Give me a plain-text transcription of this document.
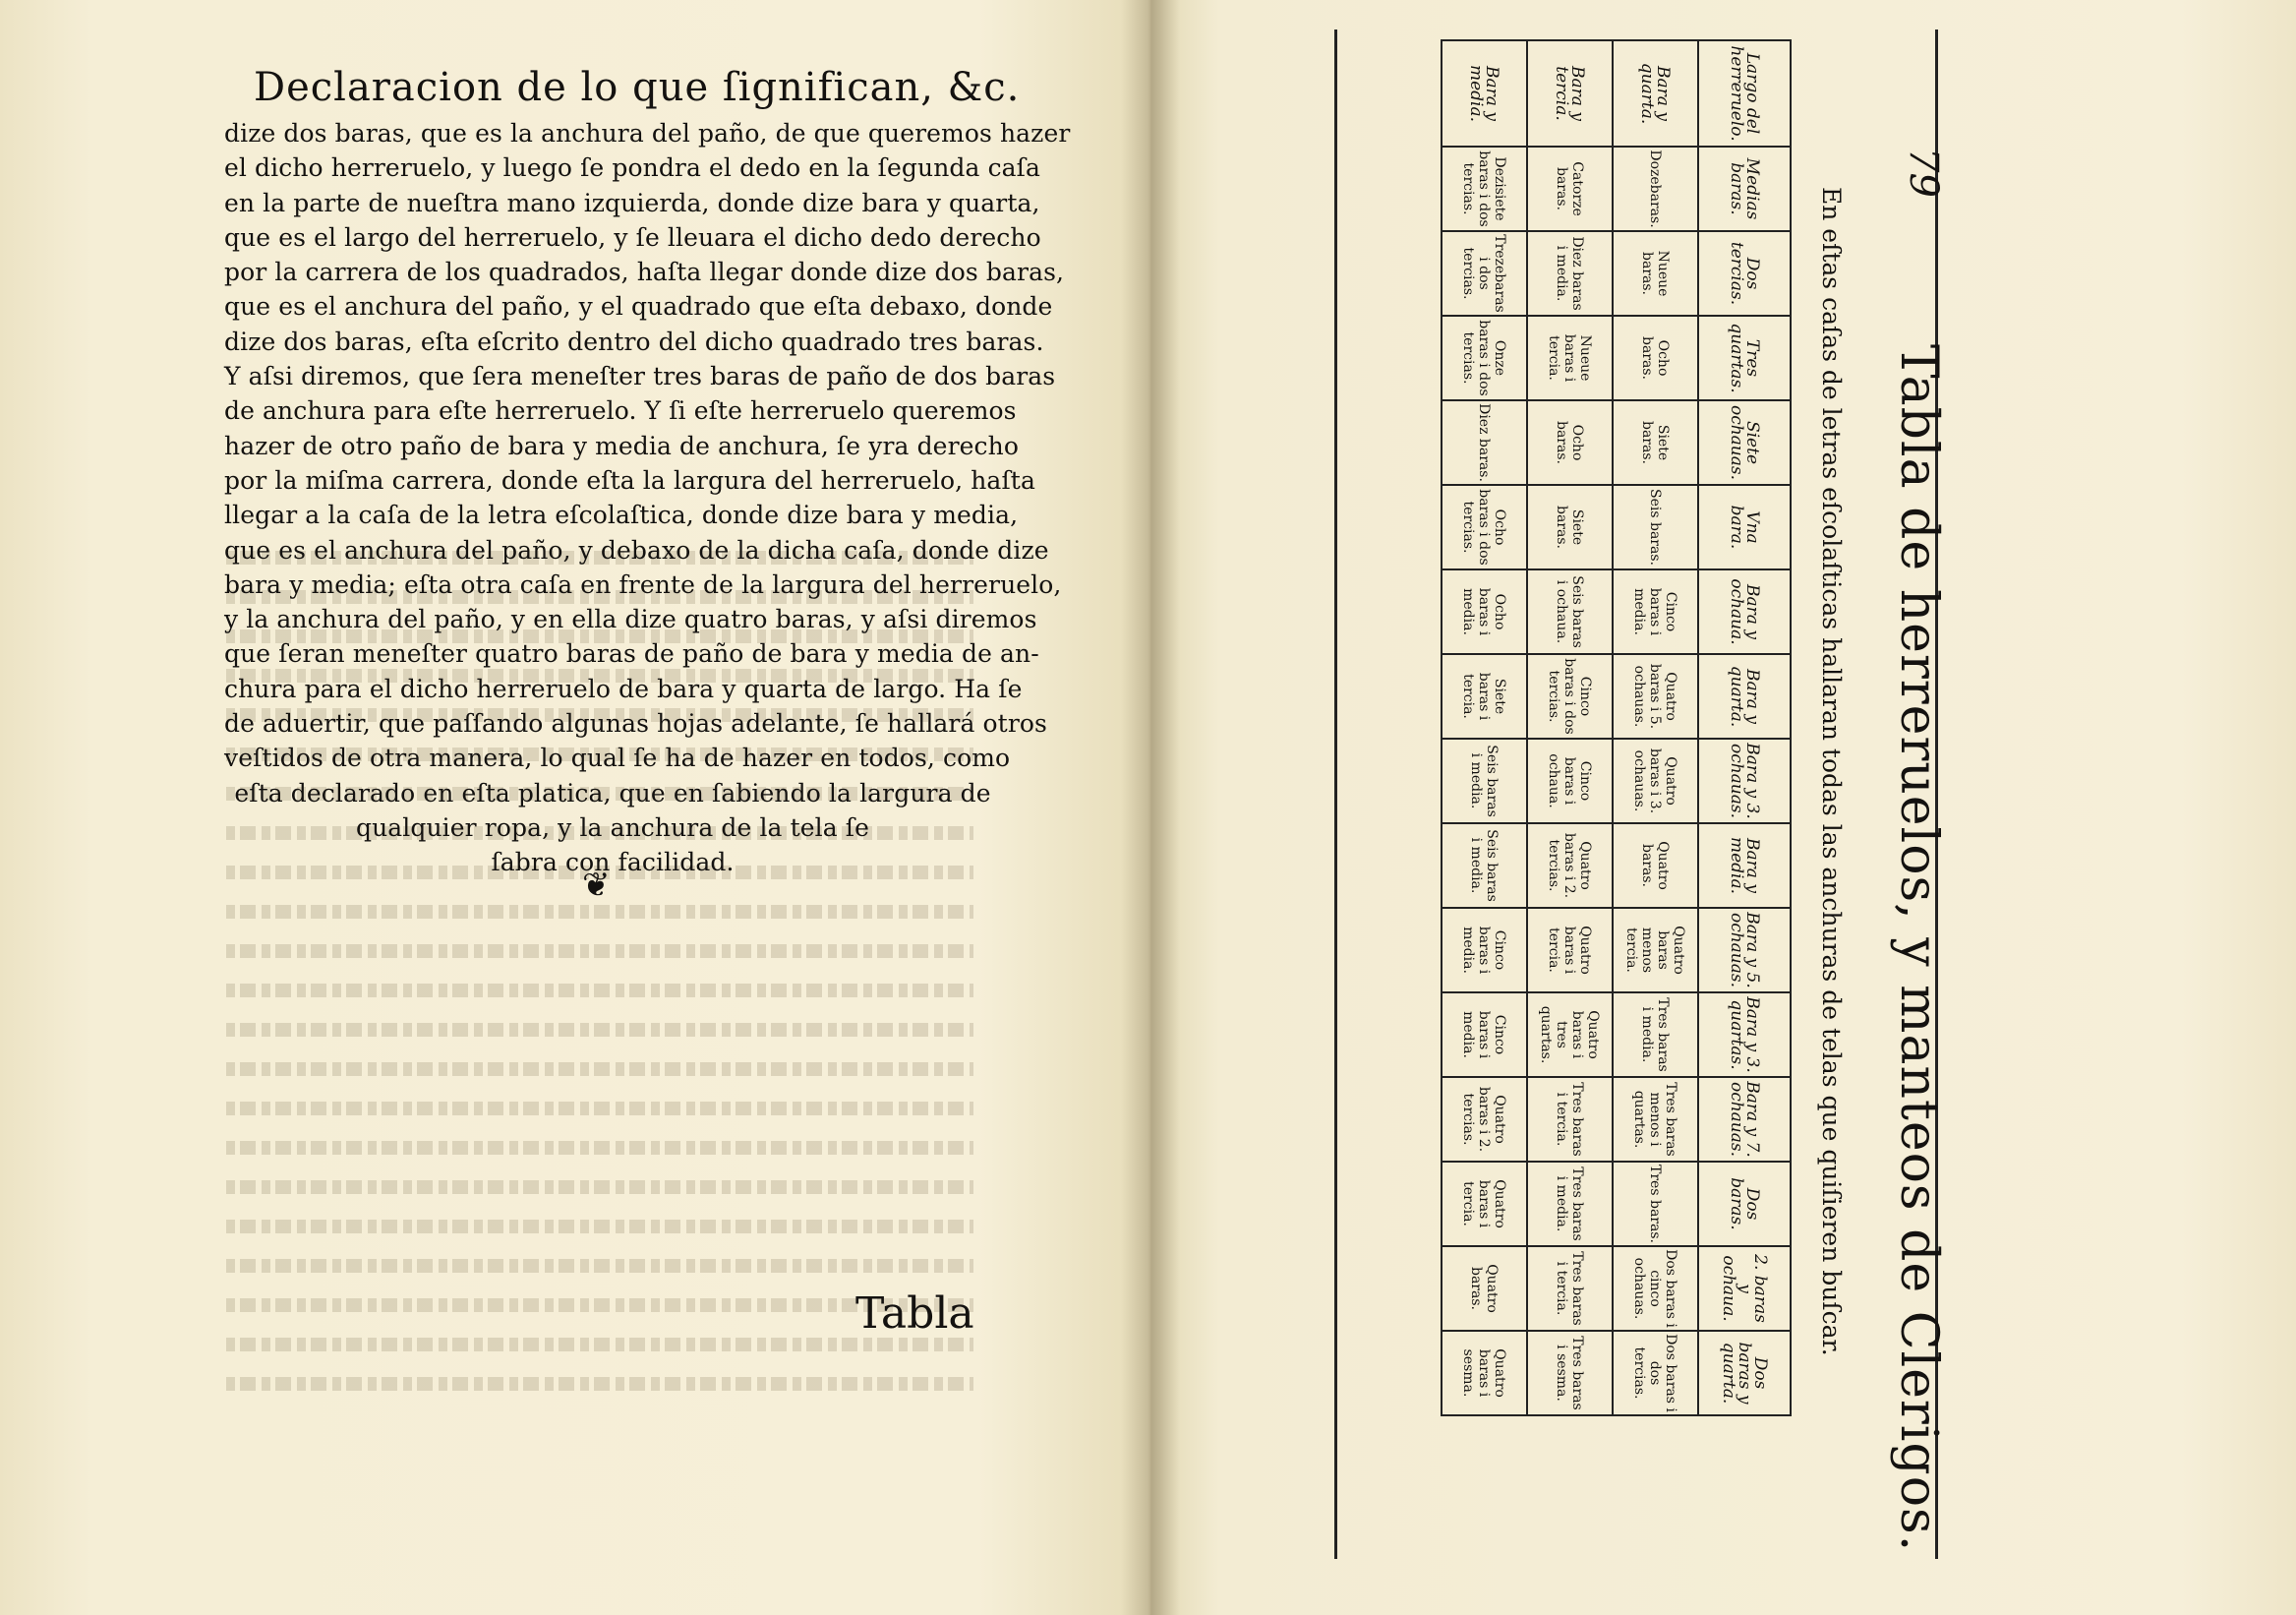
Declaracion de lo que ſignifican, &c.
dize dos baras, que es la anchura del paño, de que queremos hazer
el dicho herreruelo, y luego ſe pondra el dedo en la ſegunda caſa
en la parte de nueſtra mano izquierda, donde dize bara y quarta,
que es el largo del herreruelo, y ſe lleuara el dicho dedo derecho
por la carrera de los quadrados, haſta llegar donde dize dos baras,
que es el anchura del paño, y el quadrado que eſta debaxo, donde
dize dos baras, eſta eſcrito dentro del dicho quadrado tres baras.
Y aſsi diremos, que ſera meneſter tres baras de paño de dos baras
de anchura para eſte herreruelo. Y ſi eſte herreruelo queremos
hazer de otro paño de bara y media de anchura, ſe yra derecho
por la miſma carrera, donde eſta la largura del herreruelo, haſta
llegar a la caſa de la letra eſcolaſtica, donde dize bara y media,
que es el anchura del paño, y debaxo de la dicha caſa, donde dize
bara y media; eſta otra caſa en frente de la largura del herreruelo,
y la anchura del paño, y en ella dize quatro baras, y aſsi diremos
que ſeran meneſter quatro baras de paño de bara y media de an-
chura para el dicho herreruelo de bara y quarta de largo. Ha ſe
de aduertir, que paſſando algunas hojas adelante, ſe hallará otros
veſtidos de otra manera, lo qual ſe ha de hazer en todos, como
eſta declarado en eſta platica, que en ſabiendo la largura de
qualquier ropa, y la anchura de la tela ſe
ſabra con facilidad.
❦
Tabla
79
Tabla de herreruelos, y manteos de Clerigos.
En eſtas caſas de letras eſcolaſticas hallaran todas las anchuras de telas que quiſieren buſcar.
Largo del herreruelo.	Medias baras.	Dos tercias.	Tres quartas.	Siete ochauas.	Vna bara.	Bara y ochaua.	Bara y quarta.	Bara y 3. ochauas.	Bara y media.	Bara y 5. ochauas.	Bara y 3. quartas.	Bara y 7. ochauas.	Dos baras.	2. baras y ochaua.	Dos baras y quarta.
Bara y quarta.	Dozebaras.	Nueue baras.	Ocho baras.	Siete baras.	Seis baras.	Cinco baras i media.	Quatro baras i 5. ochauas.	Quatro baras i 3. ochauas.	Quatro baras.	Quatro baras menos tercia.	Tres baras i media.	Tres baras menos i quartas.	Tres baras.	Dos baras i cinco ochauas.	Dos baras i dos tercias.
Bara y tercia.	Catorze baras.	Diez baras i media.	Nueue baras i tercia.	Ocho baras.	Siete baras.	Seis baras i ochaua.	Cinco baras i dos tercias.	Cinco baras i ochaua.	Quatro baras i 2. tercias.	Quatro baras i tercia.	Quatro baras i tres quartas.	Tres baras i tercia.	Tres baras i media.	Tres baras i tercia.	Tres baras i sesma.
Bara y media.	Dezisiete baras i dos tercias.	Trezebaras i dos tercias.	Onze baras i dos tercias.	Diez baras.	Ocho baras i dos tercias.	Ocho baras i media.	Siete baras i tercia.	Seis baras i media.	Seis baras i media.	Cinco baras i media.	Cinco baras i media.	Quatro baras i 2. tercias.	Quatro baras i tercia.	Quatro baras.	Quatro baras i sesma.
